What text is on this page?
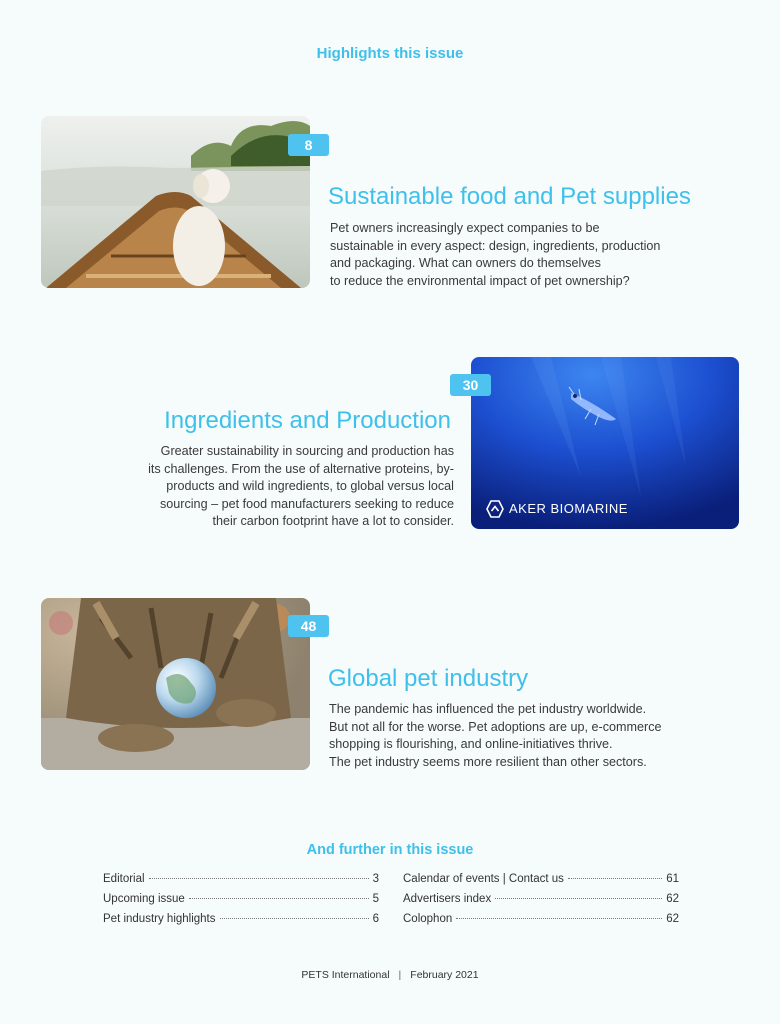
Highlights this issue
8
Sustainable food and Pet supplies
Pet owners increasingly expect companies to be
sustainable in every aspect: design, ingredients, production
and packaging. What can owners do themselves
to reduce the environmental impact of pet ownership?
AKER BIOMARINE
30
Ingredients and Production
Greater sustainability in sourcing and production has
its challenges. From the use of alternative proteins, by-
products and wild ingredients, to global versus local
sourcing – pet food manufacturers seeking to reduce
their carbon footprint have a lot to consider.
48
Global pet industry
The pandemic has influenced the pet industry worldwide.
But not all for the worse. Pet adoptions are up, e-commerce
shopping is flourishing, and online-initiatives thrive.
The pet industry seems more resilient than other sectors.
And further in this issue
Editorial	3
Upcoming issue	5
Pet industry highlights	6
Calendar of events | Contact us	61
Advertisers index	62
Colophon	62
PETS International | February 2021
